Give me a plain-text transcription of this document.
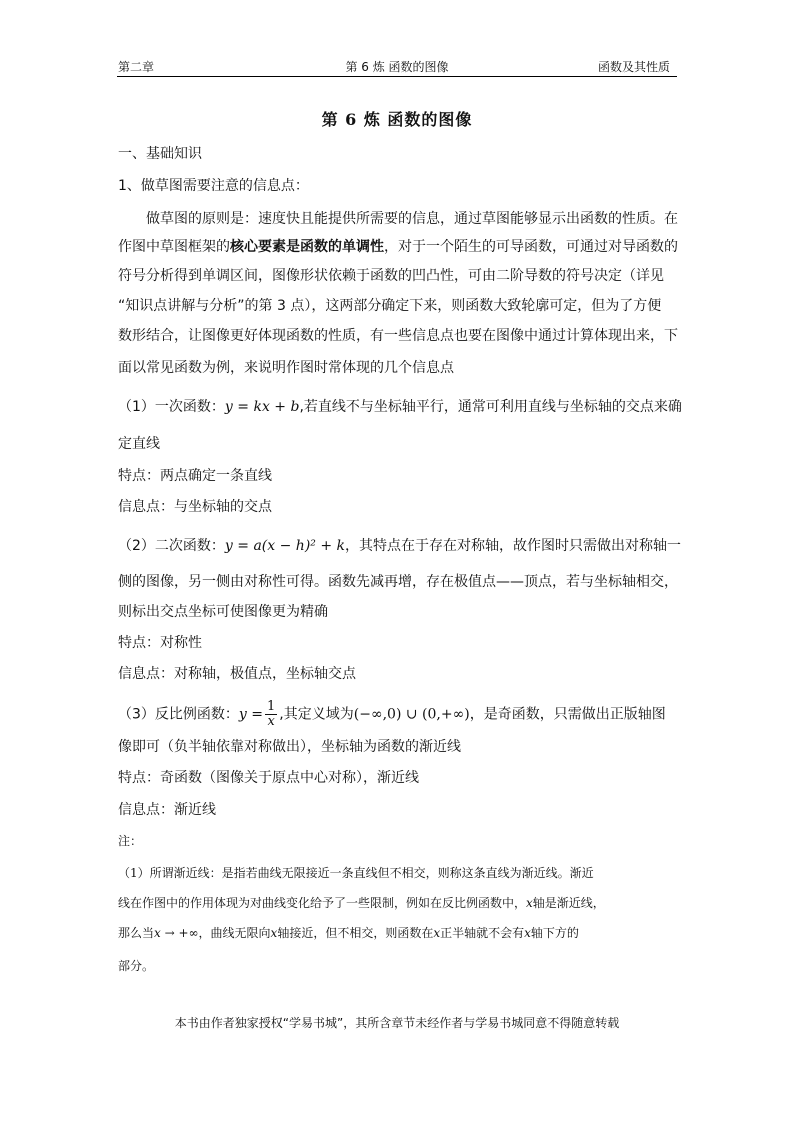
第二章	第 6 炼 函数的图像	函数及其性质
第 6 炼 函数的图像
一、基础知识
1、做草图需要注意的信息点：
做草图的原则是：速度快且能提供所需要的信息，通过草图能够显示出函数的性质。在
作图中草图框架的核心要素是函数的单调性，对于一个陌生的可导函数，可通过对导函数的
符号分析得到单调区间，图像形状依赖于函数的凹凸性，可由二阶导数的符号决定（详见
“知识点讲解与分析”的第 3 点），这两部分确定下来，则函数大致轮廓可定，但为了方便
数形结合，让图像更好体现函数的性质，有一些信息点也要在图像中通过计算体现出来，下
面以常见函数为例，来说明作图时常体现的几个信息点
（1）一次函数：y = kx + b,若直线不与坐标轴平行，通常可利用直线与坐标轴的交点来确
定直线
特点：两点确定一条直线
信息点：与坐标轴的交点
（2）二次函数：y = a(x − h)² + k，其特点在于存在对称轴，故作图时只需做出对称轴一
侧的图像，另一侧由对称性可得。函数先减再增，存在极值点——顶点，若与坐标轴相交，
则标出交点坐标可使图像更为精确
特点：对称性
信息点：对称轴，极值点，坐标轴交点
（3）反比例函数：$y = \frac{1}{x}$ ,其定义域为(−∞,0) ∪ (0,+∞)，是奇函数，只需做出正版轴图
像即可（负半轴依靠对称做出），坐标轴为函数的渐近线
特点：奇函数（图像关于原点中心对称），渐近线
信息点：渐近线
注：
（1）所谓渐近线：是指若曲线无限接近一条直线但不相交，则称这条直线为渐近线。渐近
线在作图中的作用体现为对曲线变化给予了一些限制，例如在反比例函数中，x轴是渐近线，
那么当x → +∞，曲线无限向x轴接近，但不相交，则函数在x正半轴就不会有x轴下方的
部分。
本书由作者独家授权“学易书城”，其所含章节未经作者与学易书城同意不得随意转载
